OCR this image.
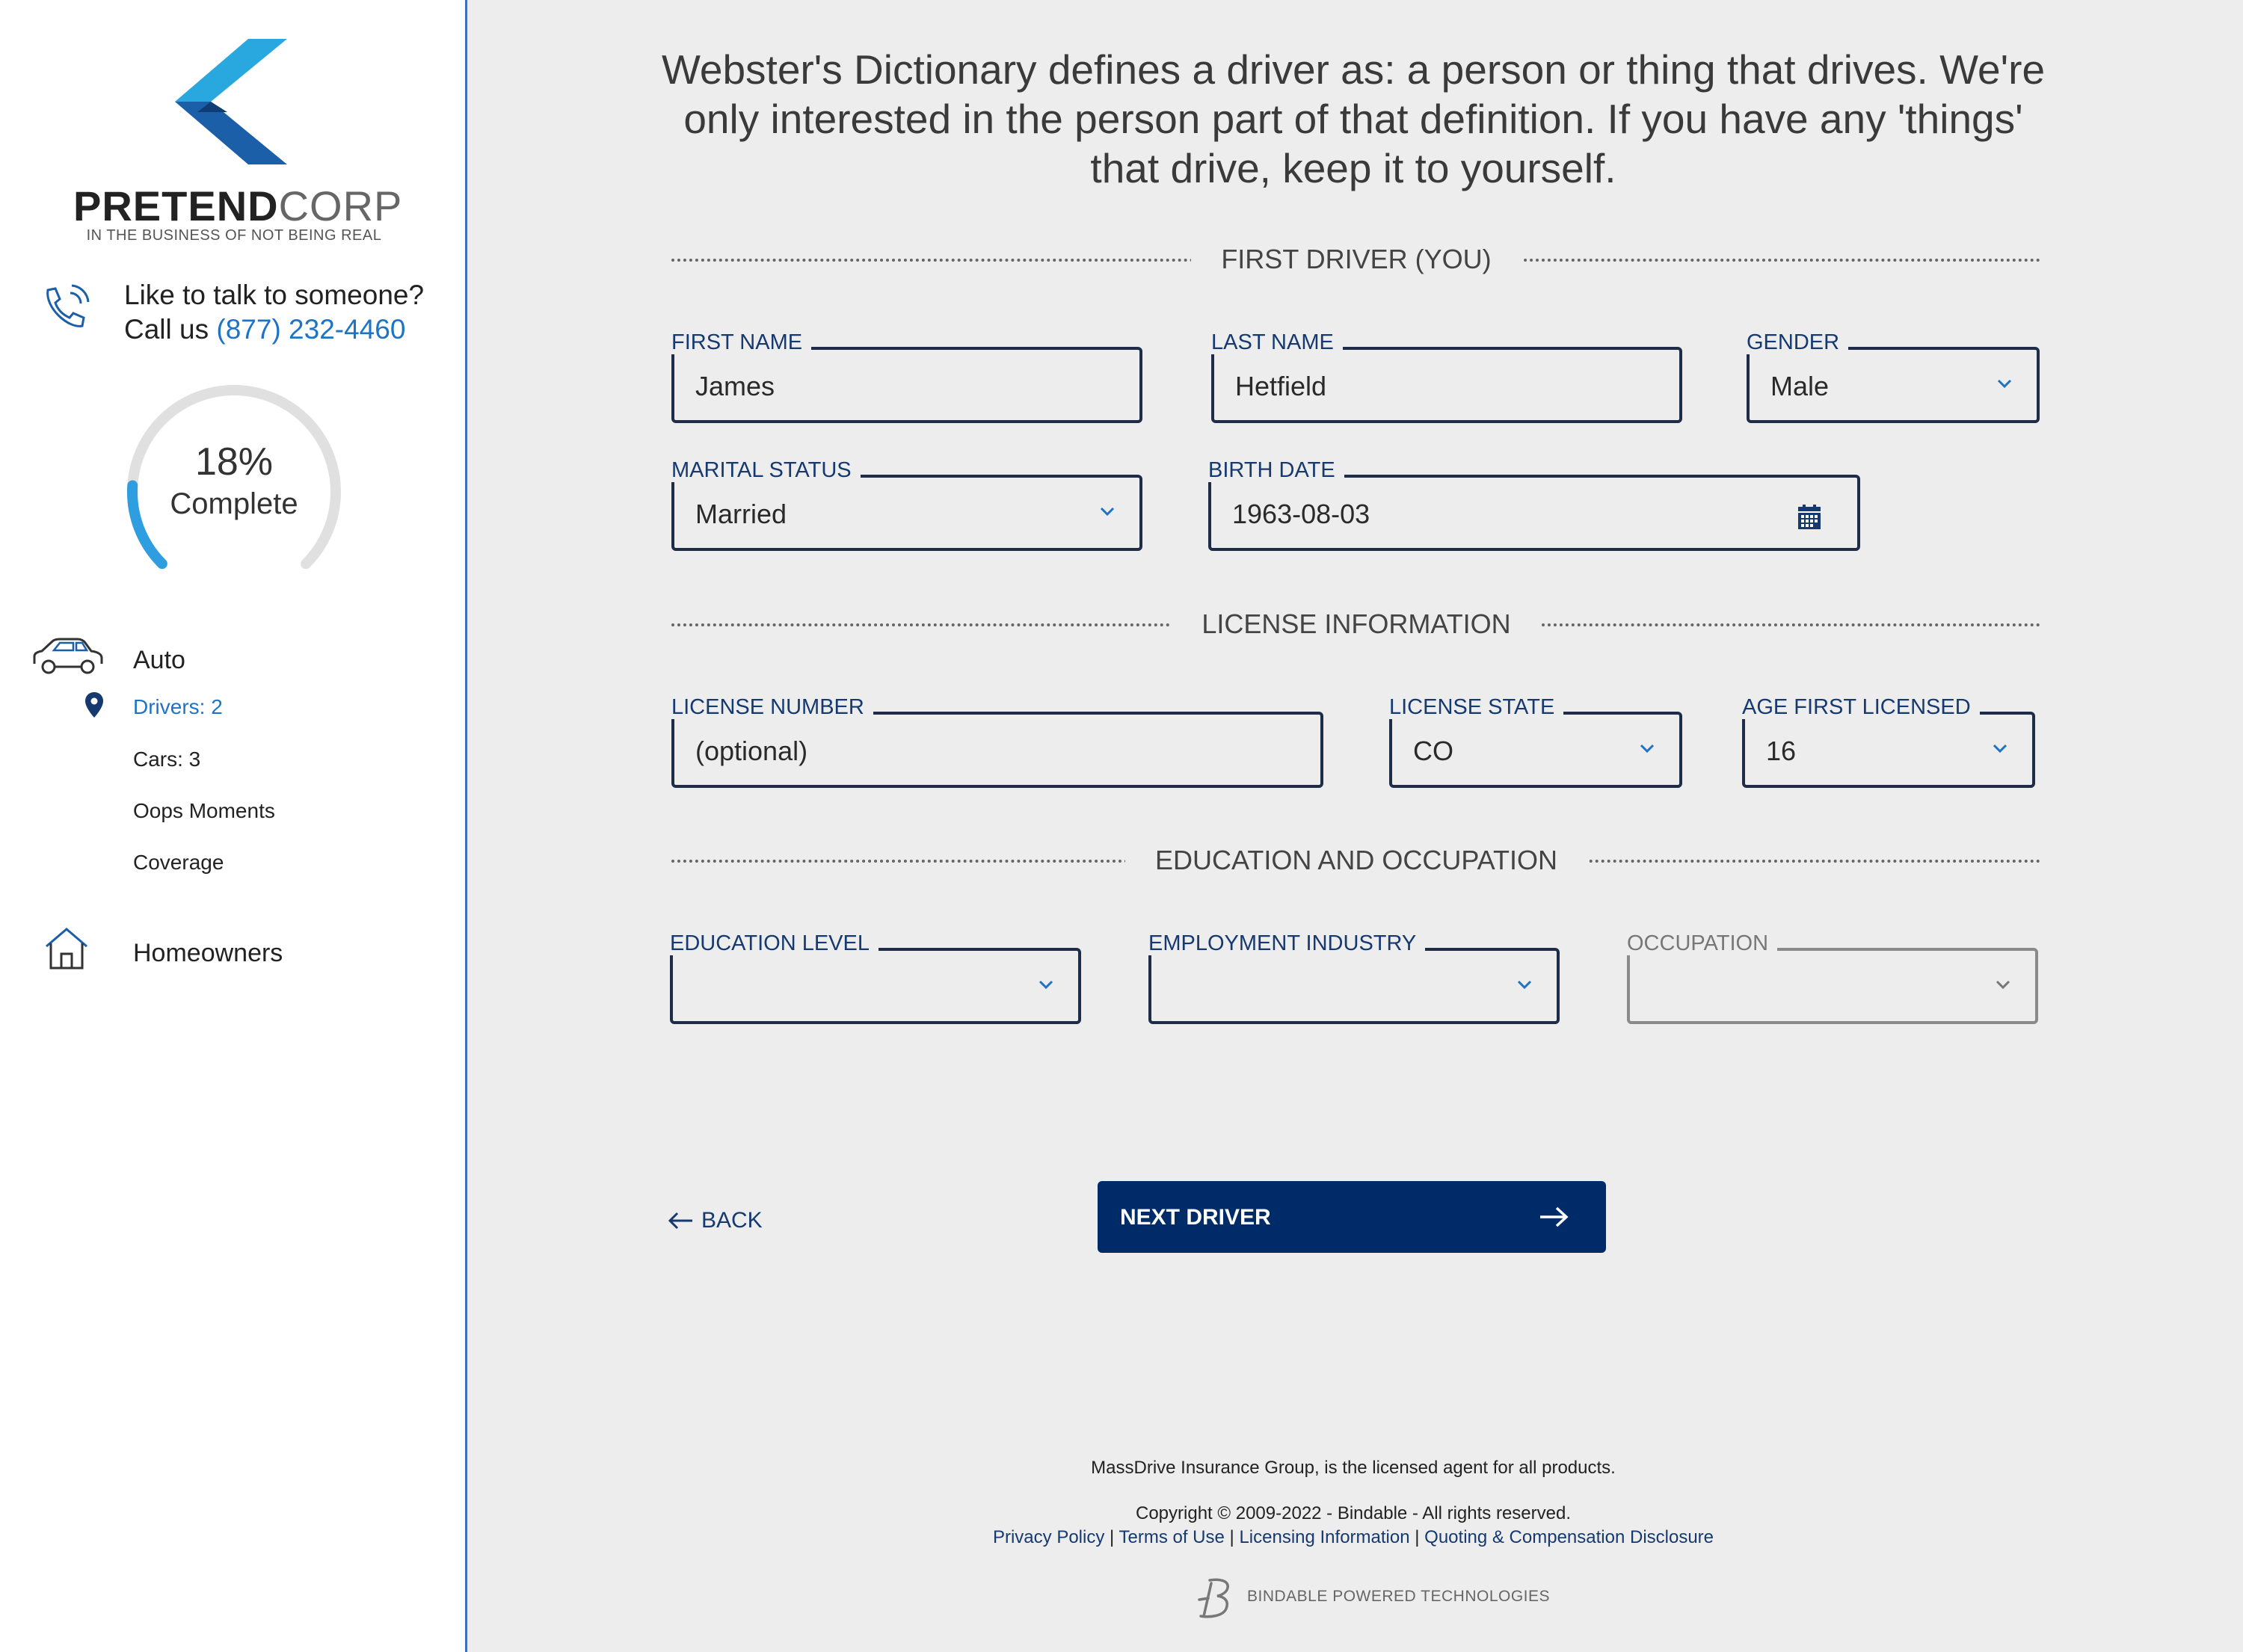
PRETENDCORP
IN THE BUSINESS OF NOT BEING REAL
Like to talk to someone?
Call us (877) 232-4460
18%
Complete
Auto
Drivers: 2
Cars: 3
Oops Moments
Coverage
Homeowners

Webster's Dictionary defines a driver as: a person or thing that drives. We're only interested in the person part of that definition. If you have any 'things' that drive, keep it to yourself.

FIRST DRIVER (YOU)
FIRST NAME
James
LAST NAME
Hetfield
GENDER
Male
MARITAL STATUS
Married
BIRTH DATE
1963-08-03
LICENSE INFORMATION
LICENSE NUMBER
(optional)
LICENSE STATE
CO
AGE FIRST LICENSED
16
EDUCATION AND OCCUPATION
EDUCATION LEVEL	EMPLOYMENT INDUSTRY	OCCUPATION
BACK	NEXT DRIVER
MassDrive Insurance Group, is the licensed agent for all products.
Copyright © 2009-2022 - Bindable - All rights reserved.
Privacy Policy | Terms of Use | Licensing Information | Quoting & Compensation Disclosure
BINDABLE POWERED TECHNOLOGIES
